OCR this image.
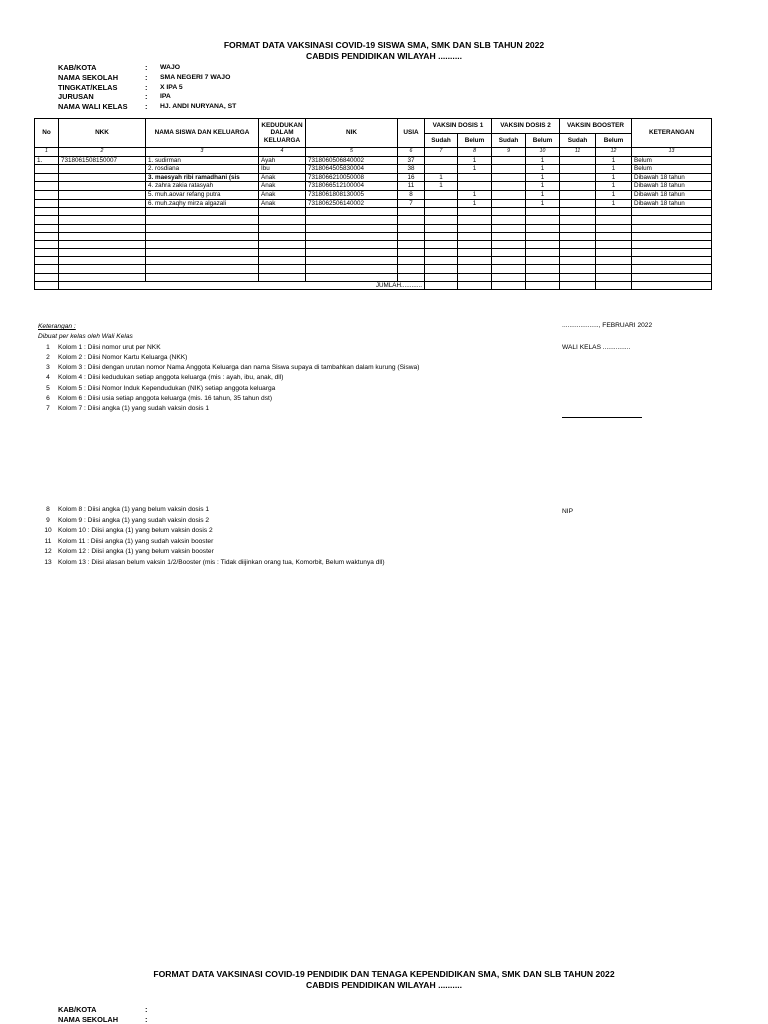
FORMAT DATA VAKSINASI COVID-19 SISWA SMA, SMK DAN SLB TAHUN 2022
CABDIS PENDIDIKAN WILAYAH ..........
KAB/KOTA	:	WAJO
NAMA SEKOLAH	:	SMA NEGERI 7 WAJO
TINGKAT/KELAS	:	X IPA 5
JURUSAN	:	IPA
NAMA WALI KELAS	:	HJ. ANDI NURYANA, ST
No	NKK	NAMA SISWA DAN KELUARGA	KEDUDUKAN DALAM KELUARGA	NIK	USIA	VAKSIN DOSIS 1		VAKSIN DOSIS 2		VAKSIN BOOSTER		KETERANGAN
						Sudah	Belum	Sudah	Belum	Sudah	Belum	
1	2	3	4	5	6	7	8	9	10	11	12	13
1.	7318061508150007	1. sudirman	Ayah	7318060506840002	37		1		1		1	Belum
		2. rosdiana	Ibu	7318064505830004	38		1		1		1	Belum
		3. maesyah ribi ramadhani (sis	Anak	7318066210050008	16	1			1		1	Dibawah 18 tahun
		4. zahra zakia ratasyah	Anak	7318066512100004	11	1			1		1	Dibawah 18 tahun
		5. muh.aovar refang putra	Anak	7318061808130005	8		1		1		1	Dibawah 18 tahun
		6. muh.zaqhy mirza algazali	Anak	7318062506140002	7		1		1		1	Dibawah 18 tahun

	JUMLAH............											
Keterangan :
Dibuat per kelas oleh Wali Kelas
1	Kolom 1 : Diisi nomor urut per NKK
2	Kolom 2 : Diisi Nomor Kartu Keluarga (NKK)
3	Kolom 3 : Diisi dengan urutan nomor Nama Anggota Keluarga dan nama Siswa supaya di tambahkan dalam kurung (Siswa)
4	Kolom 4 : Diisi kedudukan setiap anggota keluarga (mis : ayah, ibu, anak, dll)
5	Kolom 5 : Diisi Nomor Induk Kependudukan (NIK) setiap anggota keluarga
6	Kolom 6 : Diisi usia setiap anggota keluarga (mis. 16 tahun, 35 tahun dst)
7	Kolom 7 : Diisi angka (1) yang sudah vaksin dosis 1
8	Kolom 8 : Diisi angka (1) yang belum vaksin dosis 1
9	Kolom 9 : Diisi angka (1) yang sudah vaksin dosis 2
10 Kolom 10 : Diisi angka (1) yang belum vaksin dosis 2
11 Kolom 11 : Diisi angka (1) yang sudah vaksin booster
12 Kolom 12 : Diisi angka (1) yang belum vaksin booster
13 Kolom 13 : Diisi alasan belum vaksin 1/2/Booster (mis : Tidak diijinkan orang tua, Komorbit, Belum waktunya dll)
...................., FEBRUARI 2022
WALI KELAS ...............
NIP
FORMAT DATA VAKSINASI COVID-19 PENDIDIK DAN TENAGA KEPENDIDIKAN SMA, SMK DAN SLB TAHUN 2022
CABDIS PENDIDIKAN WILAYAH ..........
KAB/KOTA	:
NAMA SEKOLAH	:
